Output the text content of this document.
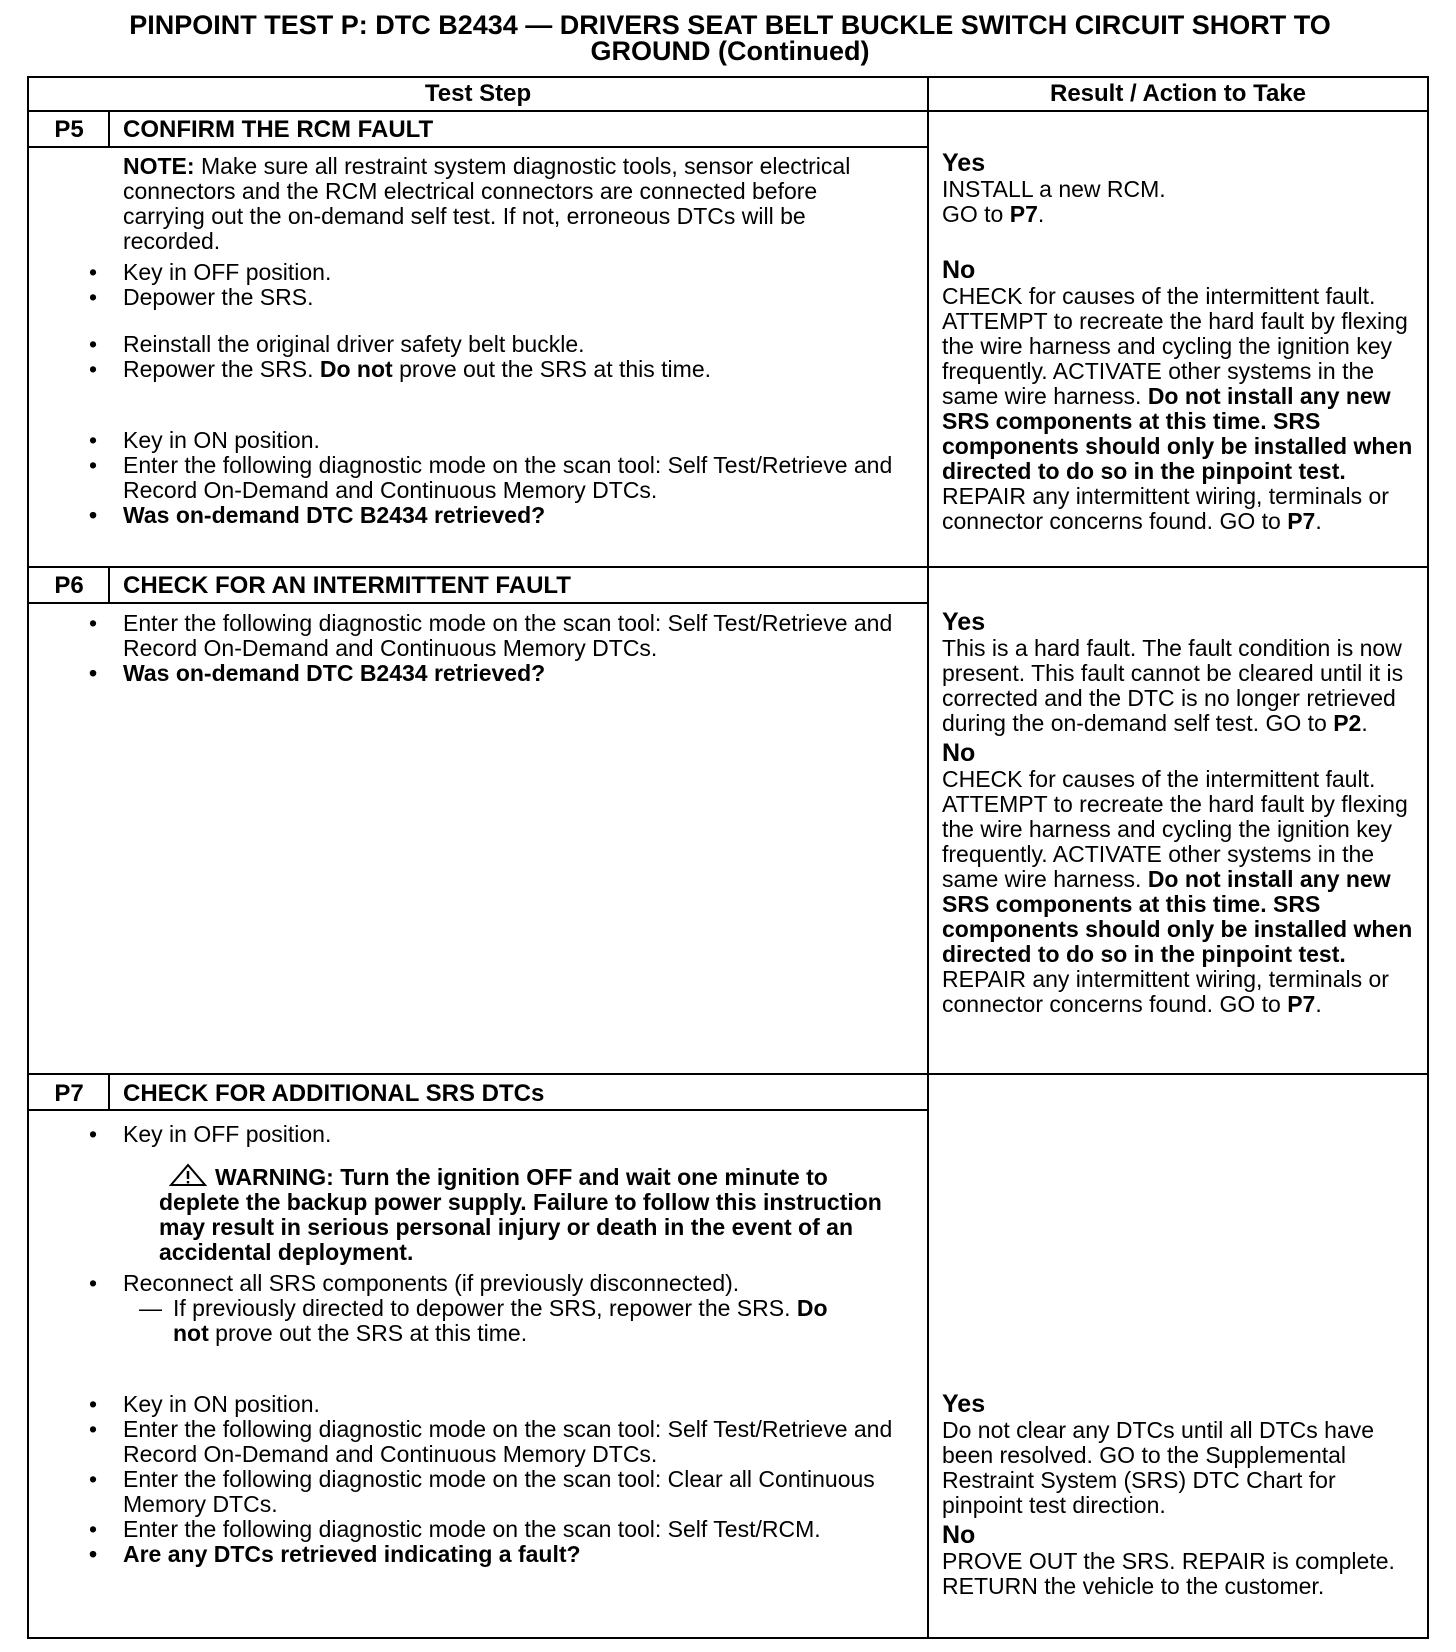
PINPOINT TEST P: DTC B2434 — DRIVERS SEAT BELT BUCKLE SWITCH CIRCUIT SHORT TO
GROUND (Continued)
Test Step	Result / Action to Take
P5	CONFIRM THE RCM FAULT

NOTE: Make sure all restraint system diagnostic tools, sensor electrical connectors and the RCM electrical connectors are connected before carrying out the on-demand self test. If not, erroneous DTCs will be recorded.

• Key in OFF position.
• Depower the SRS.
• Reinstall the original driver safety belt buckle.
• Repower the SRS. Do not prove out the SRS at this time.
• Key in ON position.
• Enter the following diagnostic mode on the scan tool: Self Test/Retrieve and Record On-Demand and Continuous Memory DTCs.
• Was on-demand DTC B2434 retrieved?

Yes

INSTALL a new RCM.

GO to P7.

No

CHECK for causes of the intermittent fault. ATTEMPT to recreate the hard fault by flexing the wire harness and cycling the ignition key frequently. ACTIVATE other systems in the same wire harness. Do not install any new SRS components at this time. SRS components should only be installed when directed to do so in the pinpoint test. REPAIR any intermittent wiring, terminals or connector concerns found. GO to P7.

P6	CHECK FOR AN INTERMITTENT FAULT
• Enter the following diagnostic mode on the scan tool: Self Test/Retrieve and Record On-Demand and Continuous Memory DTCs.
• Was on-demand DTC B2434 retrieved?

Yes

This is a hard fault. The fault condition is now present. This fault cannot be cleared until it is corrected and the DTC is no longer retrieved during the on-demand self test. GO to P2.

No

CHECK for causes of the intermittent fault. ATTEMPT to recreate the hard fault by flexing the wire harness and cycling the ignition key frequently. ACTIVATE other systems in the same wire harness. Do not install any new SRS components at this time. SRS components should only be installed when directed to do so in the pinpoint test. REPAIR any intermittent wiring, terminals or connector concerns found. GO to P7.

P7	CHECK FOR ADDITIONAL SRS DTCs
• Key in OFF position.
WARNING: Turn the ignition OFF and wait one minute to deplete the backup power supply. Failure to follow this instruction may result in serious personal injury or death in the event of an accidental deployment.
• Reconnect all SRS components (if previously disconnected).
— If previously directed to depower the SRS, repower the SRS. Do not prove out the SRS at this time.
• Key in ON position.
• Enter the following diagnostic mode on the scan tool: Self Test/Retrieve and Record On-Demand and Continuous Memory DTCs.
• Enter the following diagnostic mode on the scan tool: Clear all Continuous Memory DTCs.
• Enter the following diagnostic mode on the scan tool: Self Test/RCM.
• Are any DTCs retrieved indicating a fault?

Yes

Do not clear any DTCs until all DTCs have been resolved. GO to the Supplemental Restraint System (SRS) DTC Chart for pinpoint test direction.

No

PROVE OUT the SRS. REPAIR is complete. RETURN the vehicle to the customer.
